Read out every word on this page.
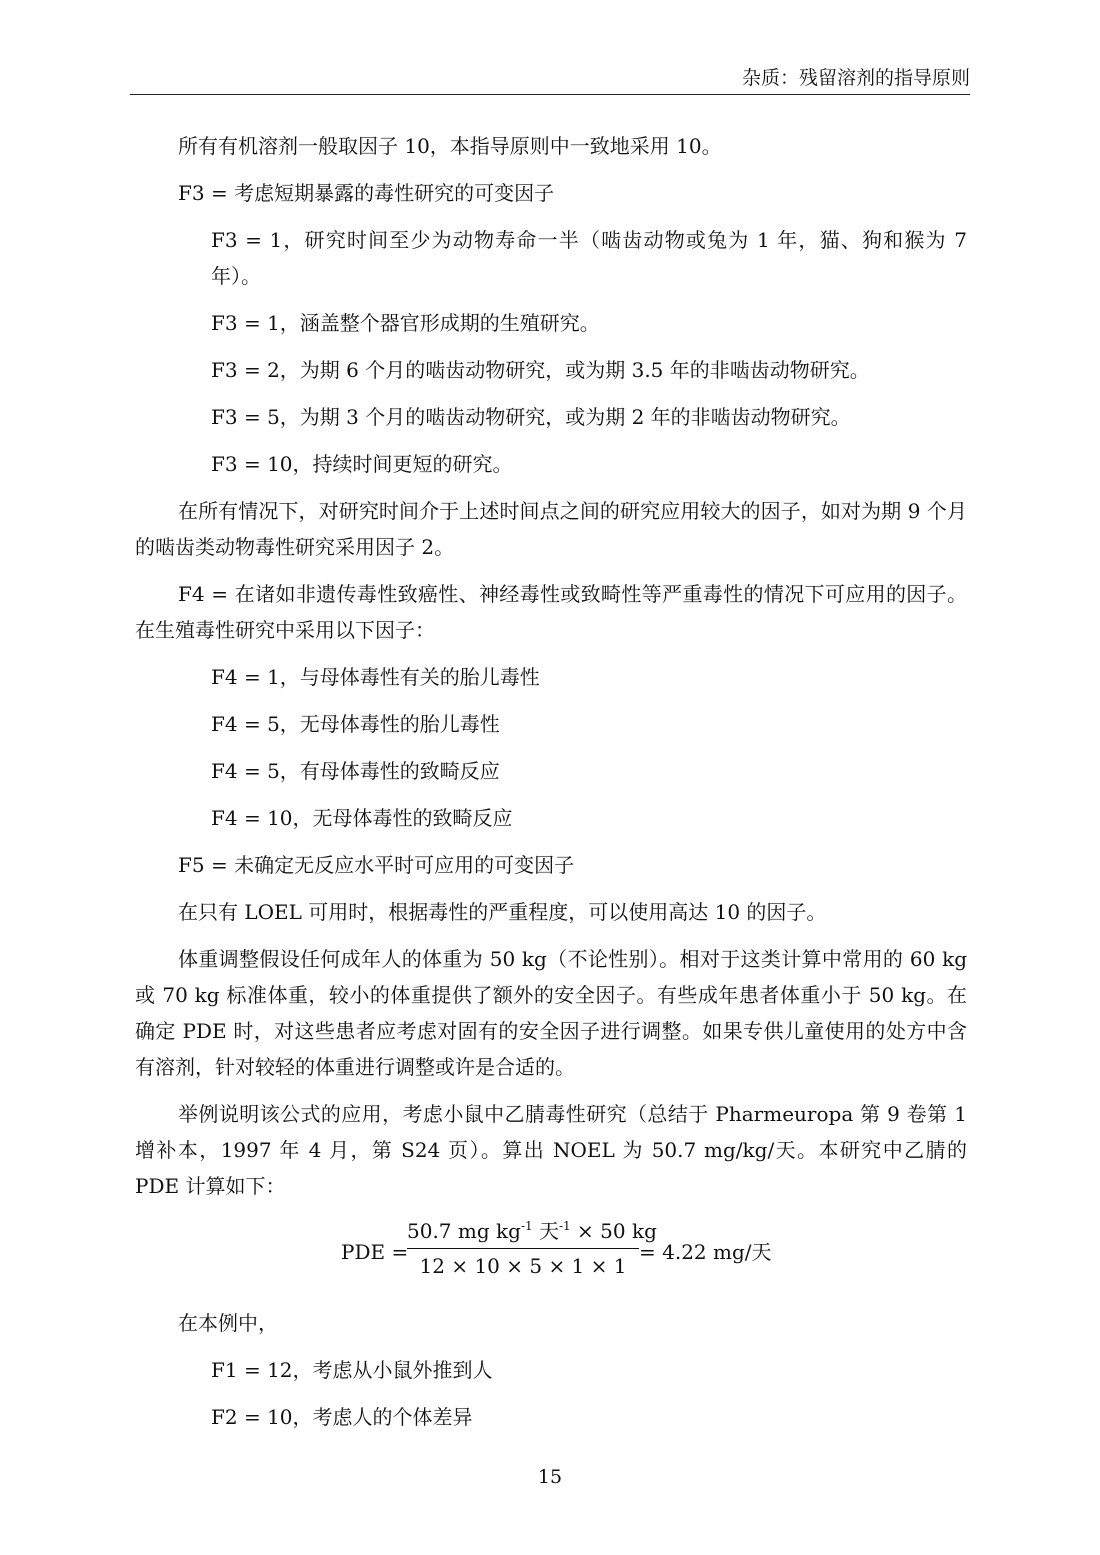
杂质：残留溶剂的指导原则

所有有机溶剂一般取因子 10，本指导原则中一致地采用 10。

F3 = 考虑短期暴露的毒性研究的可变因子

F3 = 1，研究时间至少为动物寿命一半（啮齿动物或兔为 1 年，猫、狗和猴为 7 年）。

F3 = 1，涵盖整个器官形成期的生殖研究。

F3 = 2，为期 6 个月的啮齿动物研究，或为期 3.5 年的非啮齿动物研究。

F3 = 5，为期 3 个月的啮齿动物研究，或为期 2 年的非啮齿动物研究。

F3 = 10，持续时间更短的研究。

在所有情况下，对研究时间介于上述时间点之间的研究应用较大的因子，如对为期 9 个月的啮齿类动物毒性研究采用因子 2。

F4 = 在诸如非遗传毒性致癌性、神经毒性或致畸性等严重毒性的情况下可应用的因子。在生殖毒性研究中采用以下因子：

F4 = 1，与母体毒性有关的胎儿毒性

F4 = 5，无母体毒性的胎儿毒性

F4 = 5，有母体毒性的致畸反应

F4 = 10，无母体毒性的致畸反应

F5 = 未确定无反应水平时可应用的可变因子

在只有 LOEL 可用时，根据毒性的严重程度，可以使用高达 10 的因子。

体重调整假设任何成年人的体重为 50 kg（不论性别）。相对于这类计算中常用的 60 kg 或 70 kg 标准体重，较小的体重提供了额外的安全因子。有些成年患者体重小于 50 kg。在确定 PDE 时，对这些患者应考虑对固有的安全因子进行调整。如果专供儿童使用的处方中含有溶剂，针对较轻的体重进行调整或许是合适的。

举例说明该公式的应用，考虑小鼠中乙腈毒性研究（总结于 Pharmeuropa 第 9 卷第 1 增补本，1997 年 4 月，第 S24 页）。算出 NOEL 为 50.7 mg/kg/天。本研究中乙腈的 PDE 计算如下：

PDE =
50.7 mg $kg^{-1}$ 天$^{-1}$ × 50 kg
12 × 10 × 5 × 1 × 1
= 4.22 mg/天

在本例中，

F1 = 12，考虑从小鼠外推到人

F2 = 10，考虑人的个体差异

15
